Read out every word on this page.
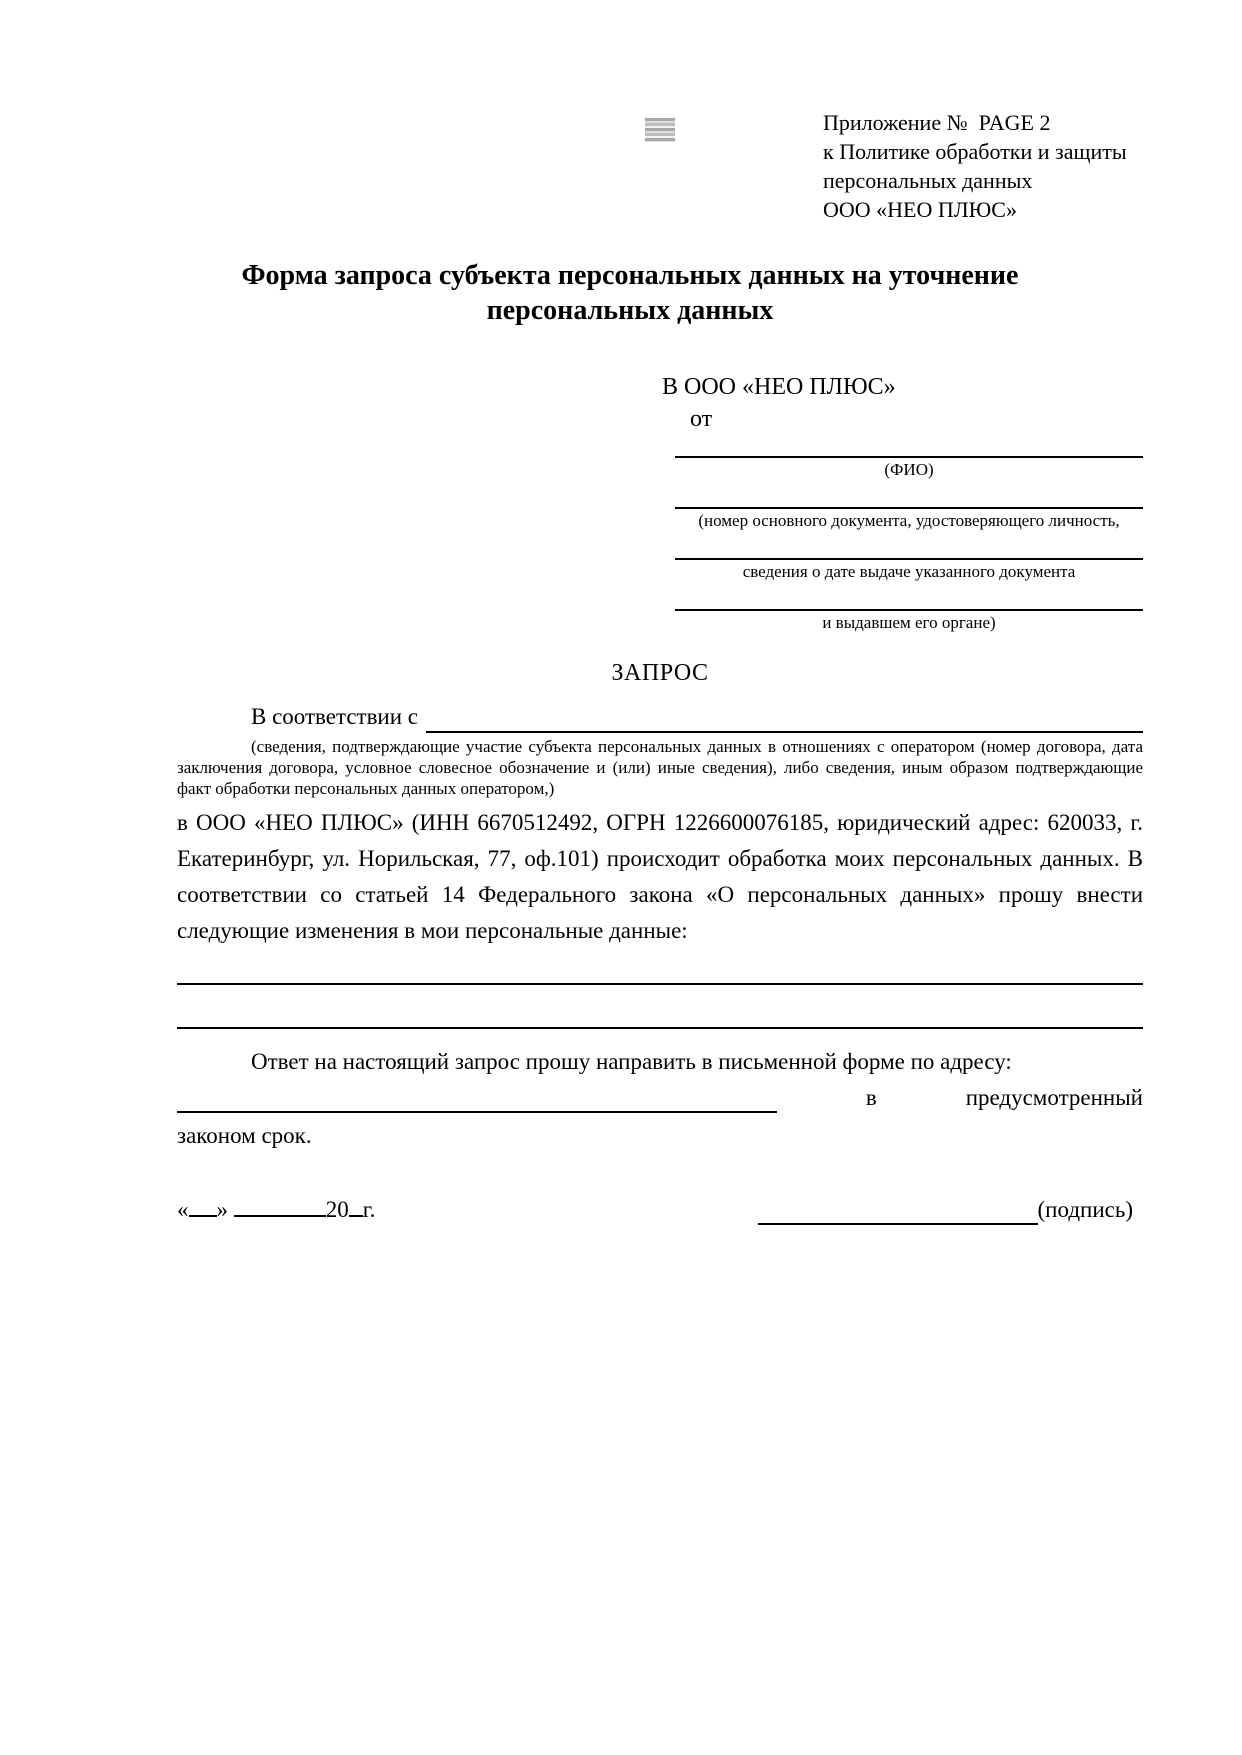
Приложение №  PAGE 2
к Политике обработки и защиты
персональных данных
ООО «НЕО ПЛЮС»
Форма запроса субъекта персональных данных на уточнение персональных данных
В ООО «НЕО ПЛЮС»
от
(ФИО)
(номер основного документа, удостоверяющего личность,
сведения о дате выдаче указанного документа
и выдавшем его органе)
ЗАПРОС
В соответствии с
(сведения, подтверждающие участие субъекта персональных данных в отношениях с оператором (номер договора, дата заключения договора, условное словесное обозначение и (или) иные сведения), либо сведения, иным образом подтверждающие факт обработки персональных данных оператором,)
в ООО «НЕО ПЛЮС» (ИНН 6670512492, ОГРН 1226600076185, юридический адрес: 620033, г. Екатеринбург, ул. Норильская, 77, оф.101) происходит обработка моих персональных данных. В соответствии со статьей 14 Федерального закона «О персональных данных» прошу внести следующие изменения в мои персональные данные:
Ответ на настоящий запрос прошу направить в письменной форме по адресу:
в	предусмотренный
законом срок.
« »	20 г.	(подпись)
